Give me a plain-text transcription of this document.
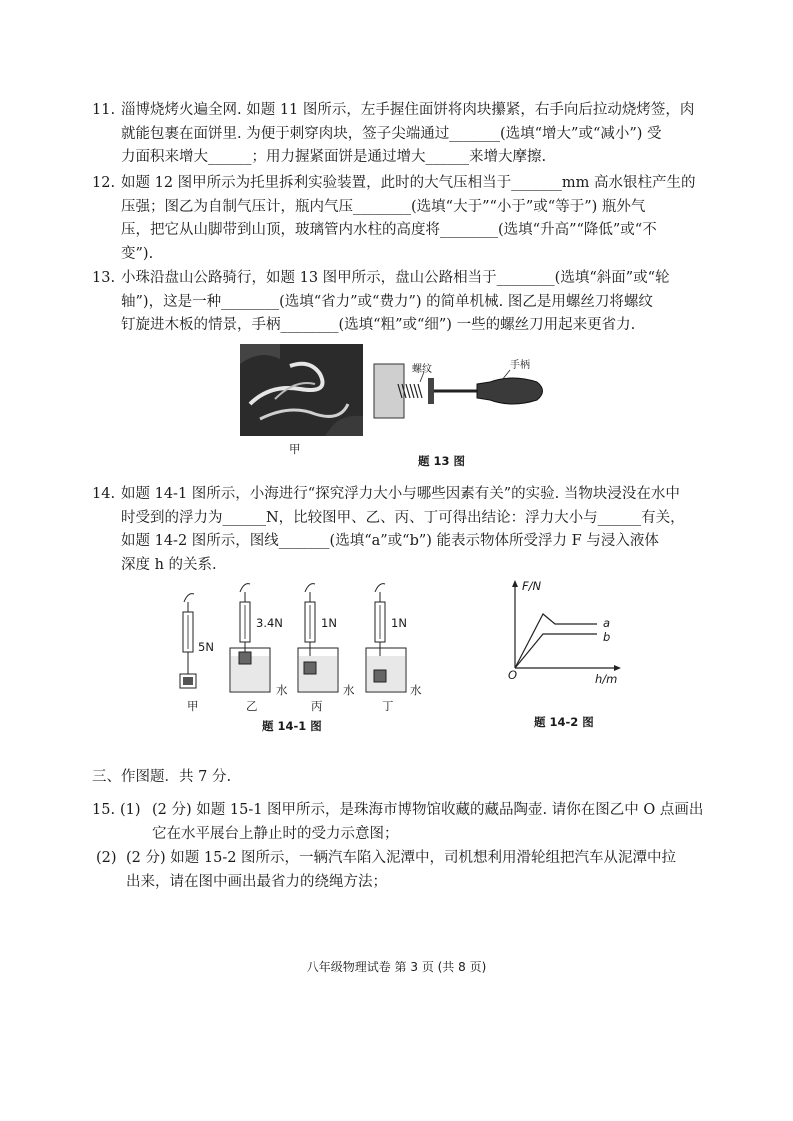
11. 淄博烧烤火遍全网. 如题 11 图所示，左手握住面饼将肉块攥紧，右手向后拉动烧烤签，肉
就能包裹在面饼里. 为便于刺穿肉块，签子尖端通过_______(选填“增大”或“减小”) 受
力面积来增大______；用力握紧面饼是通过增大______来增大摩擦.
12. 如题 12 图甲所示为托里拆利实验装置，此时的大气压相当于_______mm 高水银柱产生的
压强；图乙为自制气压计，瓶内气压________(选填“大于”“小于”或“等于”) 瓶外气
压，把它从山脚带到山顶，玻璃管内水柱的高度将________(选填“升高”“降低”或“不
变”).
13. 小珠沿盘山公路骑行，如题 13 图甲所示，盘山公路相当于________(选填“斜面”或“轮
轴”)，这是一种________(选填“省力”或“费力”) 的简单机械. 图乙是用螺丝刀将螺纹
钉旋进木板的情景，手柄________(选填“粗”或“细”) 一些的螺丝刀用起来更省力.
甲
螺纹	手柄
题 13 图
14. 如题 14-1 图所示，小海进行“探究浮力大小与哪些因素有关”的实验. 当物块浸没在水中
时受到的浮力为______N，比较图甲、乙、丙、丁可得出结论：浮力大小与______有关，
如题 14-2 图所示，图线_______(选填“a”或“b”) 能表示物体所受浮力 F 与浸入液体
深度 h 的关系.
5N
3.4N	1N	1N
水	水	水
甲	乙	丙	丁
题 14-1 图
F/N
h/m
O
a
b
题 14-2 图
三、作图题．共 7 分.
15. (1) (2 分) 如题 15-1 图甲所示，是珠海市博物馆收藏的藏品陶壶. 请你在图乙中 O 点画出
它在水平展台上静止时的受力示意图；
(2) (2 分) 如题 15-2 图所示，一辆汽车陷入泥潭中，司机想利用滑轮组把汽车从泥潭中拉
出来，请在图中画出最省力的绕绳方法；
八年级物理试卷 第 3 页 (共 8 页)
